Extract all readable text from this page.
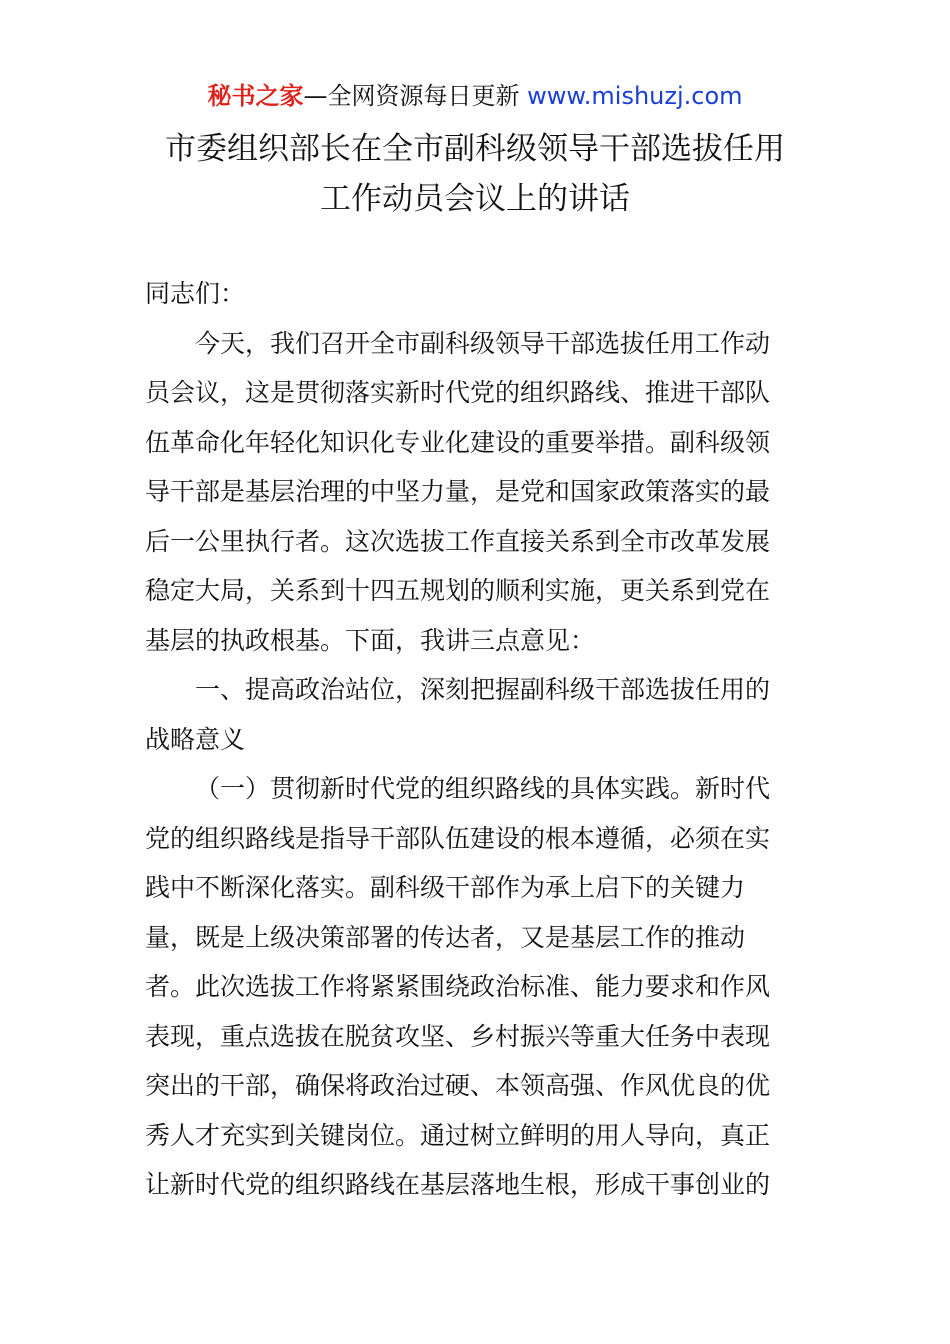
秘书之家—全网资源每日更新 www.mishuzj.com
市委组织部长在全市副科级领导干部选拔任用
工作动员会议上的讲话
同志们：
今天，我们召开全市副科级领导干部选拔任用工作动
员会议，这是贯彻落实新时代党的组织路线、推进干部队
伍革命化年轻化知识化专业化建设的重要举措。副科级领
导干部是基层治理的中坚力量，是党和国家政策落实的最
后一公里执行者。这次选拔工作直接关系到全市改革发展
稳定大局，关系到十四五规划的顺利实施，更关系到党在
基层的执政根基。下面，我讲三点意见：
一、提高政治站位，深刻把握副科级干部选拔任用的
战略意义
（一）贯彻新时代党的组织路线的具体实践。新时代
党的组织路线是指导干部队伍建设的根本遵循，必须在实
践中不断深化落实。副科级干部作为承上启下的关键力
量，既是上级决策部署的传达者，又是基层工作的推动
者。此次选拔工作将紧紧围绕政治标准、能力要求和作风
表现，重点选拔在脱贫攻坚、乡村振兴等重大任务中表现
突出的干部，确保将政治过硬、本领高强、作风优良的优
秀人才充实到关键岗位。通过树立鲜明的用人导向，真正
让新时代党的组织路线在基层落地生根，形成干事创业的
